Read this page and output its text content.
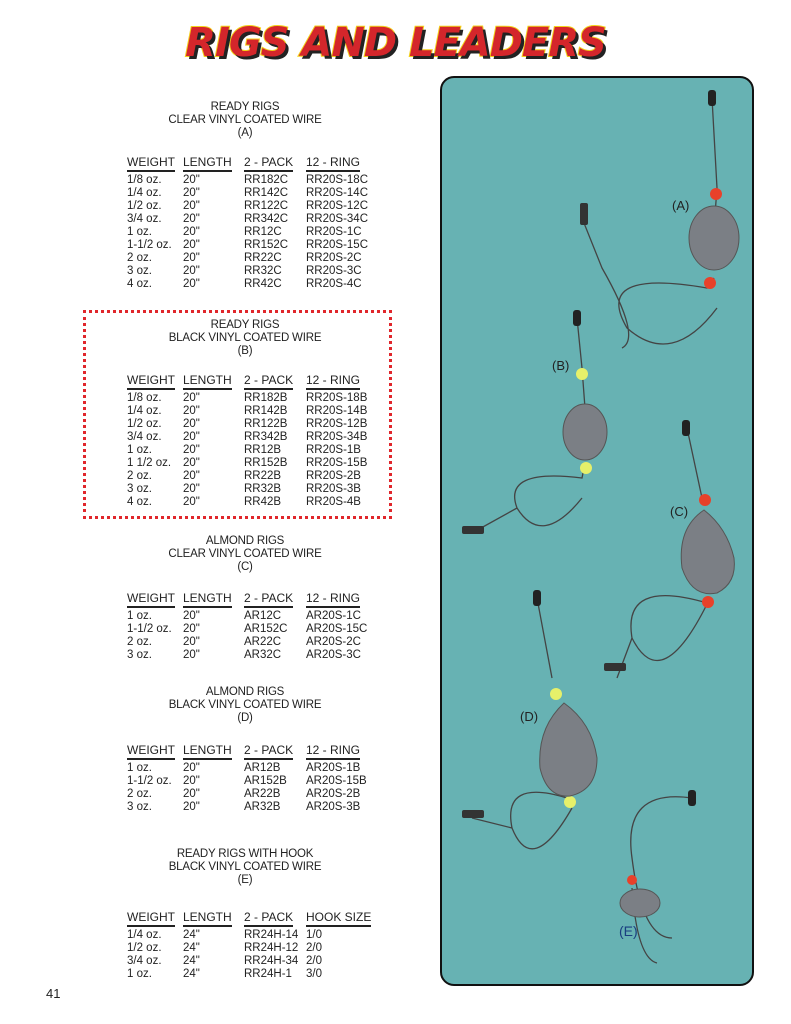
RIGS AND LEADERS
READY RIGS
CLEAR VINYL COATED WIRE
(A)
WEIGHT LENGTH 2 - PACK 12 - RING
1/8 oz. 20"	RR182C RR20S-18C
1/4 oz. 20"	RR142C RR20S-14C
1/2 oz. 20"	RR122C RR20S-12C
3/4 oz. 20"	RR342C RR20S-34C
1 oz.	20"	RR12C RR20S-1C
1-1/2 oz. 20"	RR152C RR20S-15C
2 oz.	20"	RR22C RR20S-2C
3 oz.	20"	RR32C RR20S-3C
4 oz.	20"	RR42C RR20S-4C
READY RIGS
BLACK VINYL COATED WIRE
(B)
WEIGHT LENGTH 2 - PACK 12 - RING
1/8 oz. 20"	RR182B RR20S-18B
1/4 oz. 20"	RR142B RR20S-14B
1/2 oz. 20"	RR122B RR20S-12B
3/4 oz. 20"	RR342B RR20S-34B
1 oz.	20"	RR12B RR20S-1B
1 1/2 oz. 20"	RR152B RR20S-15B
2 oz.	20"	RR22B RR20S-2B
3 oz.	20"	RR32B RR20S-3B
4 oz.	20"	RR42B RR20S-4B
ALMOND RIGS
CLEAR VINYL COATED WIRE
(C)
WEIGHT LENGTH 2 - PACK 12 - RING
1 oz.	20"	AR12C AR20S-1C
1-1/2 oz. 20"	AR152C AR20S-15C
2 oz.	20"	AR22C AR20S-2C
3 oz.	20"	AR32C AR20S-3C
ALMOND RIGS
BLACK VINYL COATED WIRE
(D)
WEIGHT LENGTH 2 - PACK 12 - RING
1 oz.	20"	AR12B AR20S-1B
1-1/2 oz. 20"	AR152B AR20S-15B
2 oz.	20"	AR22B AR20S-2B
3 oz.	20"	AR32B AR20S-3B
READY RIGS WITH HOOK
BLACK VINYL COATED WIRE
(E)
WEIGHT LENGTH 2 - PACK HOOK SIZE
1/4 oz. 24"	RR24H-14 1/0
1/2 oz. 24"	RR24H-12 2/0
3/4 oz. 24"	RR24H-34 2/0
1 oz.	24"	RR24H-1 3/0
41
(A)
(B)
(C)
(D)
(E)
